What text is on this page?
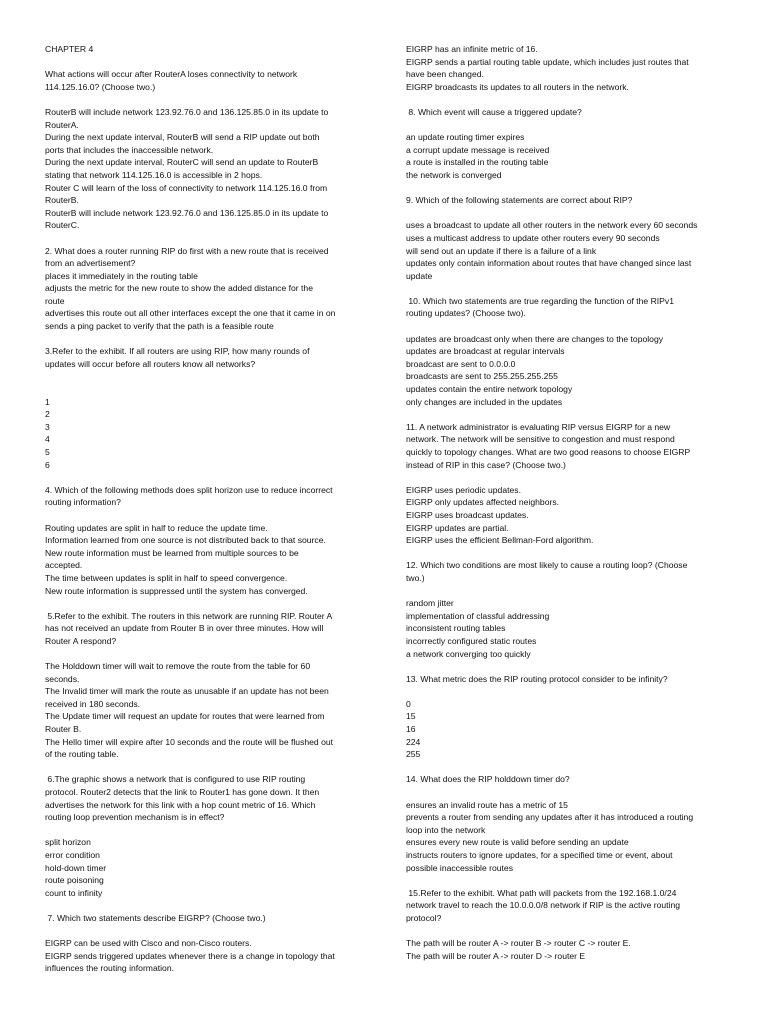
CHAPTER 4
What actions will occur after RouterA loses connectivity to network
114.125.16.0? (Choose two.)
RouterB will include network 123.92.76.0 and 136.125.85.0 in its update to
RouterA.
During the next update interval, RouterB will send a RIP update out both
ports that includes the inaccessible network.
During the next update interval, RouterC will send an update to RouterB
stating that network 114.125.16.0 is accessible in 2 hops.
Router C will learn of the loss of connectivity to network 114.125.16.0 from
RouterB.
RouterB will include network 123.92.76.0 and 136.125.85.0 in its update to
RouterC.
2. What does a router running RIP do first with a new route that is received
from an advertisement?
places it immediately in the routing table
adjusts the metric for the new route to show the added distance for the
route
advertises this route out all other interfaces except the one that it came in on
sends a ping packet to verify that the path is a feasible route
3.Refer to the exhibit. If all routers are using RIP, how many rounds of
updates will occur before all routers know all networks?
1
2
3
4
5
6
4. Which of the following methods does split horizon use to reduce incorrect
routing information?
Routing updates are split in half to reduce the update time.
Information learned from one source is not distributed back to that source.
New route information must be learned from multiple sources to be
accepted.
The time between updates is split in half to speed convergence.
New route information is suppressed until the system has converged.
5.Refer to the exhibit. The routers in this network are running RIP. Router A
has not received an update from Router B in over three minutes. How will
Router A respond?
The Holddown timer will wait to remove the route from the table for 60
seconds.
The Invalid timer will mark the route as unusable if an update has not been
received in 180 seconds.
The Update timer will request an update for routes that were learned from
Router B.
The Hello timer will expire after 10 seconds and the route will be flushed out
of the routing table.
6.The graphic shows a network that is configured to use RIP routing
protocol. Router2 detects that the link to Router1 has gone down. It then
advertises the network for this link with a hop count metric of 16. Which
routing loop prevention mechanism is in effect?
split horizon
error condition
hold-down timer
route poisoning
count to infinity
7. Which two statements describe EIGRP? (Choose two.)
EIGRP can be used with Cisco and non-Cisco routers.
EIGRP sends triggered updates whenever there is a change in topology that
influences the routing information.
EIGRP has an infinite metric of 16.
EIGRP sends a partial routing table update, which includes just routes that
have been changed.
EIGRP broadcasts its updates to all routers in the network.
8. Which event will cause a triggered update?
an update routing timer expires
a corrupt update message is received
a route is installed in the routing table
the network is converged
9. Which of the following statements are correct about RIP?
uses a broadcast to update all other routers in the network every 60 seconds
uses a multicast address to update other routers every 90 seconds
will send out an update if there is a failure of a link
updates only contain information about routes that have changed since last
update
10. Which two statements are true regarding the function of the RIPv1
routing updates? (Choose two).
updates are broadcast only when there are changes to the topology
updates are broadcast at regular intervals
broadcast are sent to 0.0.0.0
broadcasts are sent to 255.255.255.255
updates contain the entire network topology
only changes are included in the updates
11. A network administrator is evaluating RIP versus EIGRP for a new
network. The network will be sensitive to congestion and must respond
quickly to topology changes. What are two good reasons to choose EIGRP
instead of RIP in this case? (Choose two.)
EIGRP uses periodic updates.
EIGRP only updates affected neighbors.
EIGRP uses broadcast updates.
EIGRP updates are partial.
EIGRP uses the efficient Bellman-Ford algorithm.
12. Which two conditions are most likely to cause a routing loop? (Choose
two.)
random jitter
implementation of classful addressing
inconsistent routing tables
incorrectly configured static routes
a network converging too quickly
13. What metric does the RIP routing protocol consider to be infinity?
0
15
16
224
255
14. What does the RIP holddown timer do?
ensures an invalid route has a metric of 15
prevents a router from sending any updates after it has introduced a routing
loop into the network
ensures every new route is valid before sending an update
instructs routers to ignore updates, for a specified time or event, about
possible inaccessible routes
15.Refer to the exhibit. What path will packets from the 192.168.1.0/24
network travel to reach the 10.0.0.0/8 network if RIP is the active routing
protocol?
The path will be router A -> router B -> router C -> router E.
The path will be router A -> router D -> router E
